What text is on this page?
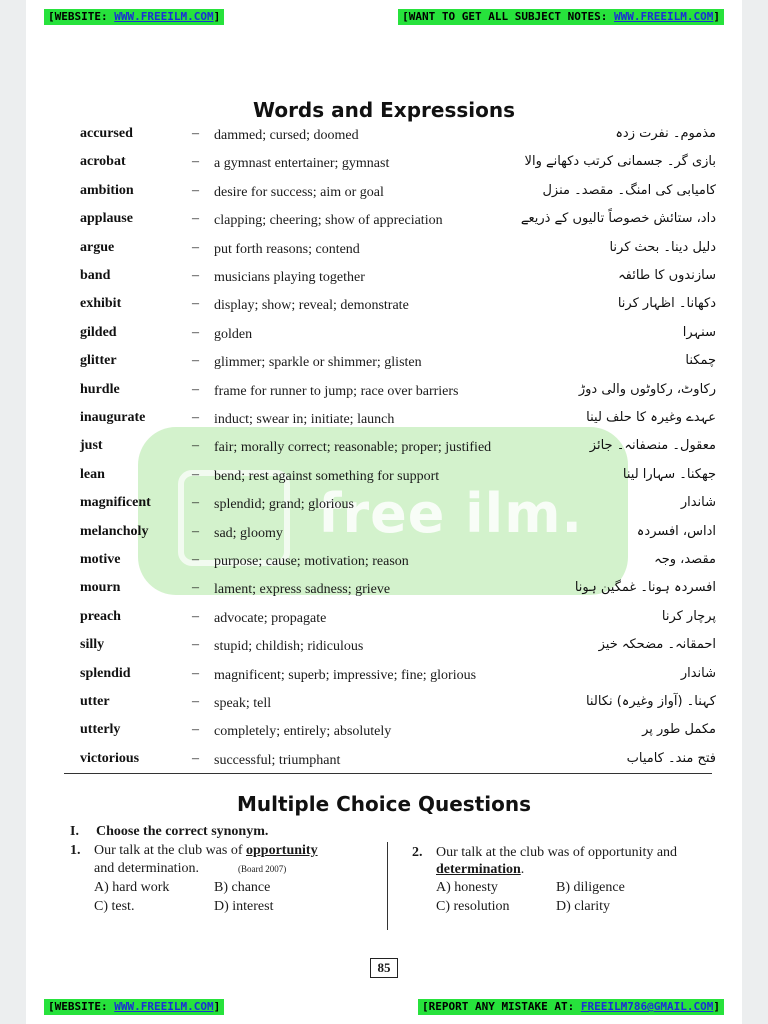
[WEBSITE: WWW.FREEILM.COM]	[WANT TO GET ALL SUBJECT NOTES: WWW.FREEILM.COM]
Words and Expressions
free ilm.
accursed	– dammed; cursed; doomed	مذموم۔ نفرت زدہ
acrobat	– a gymnast entertainer; gymnast	بازی گر۔ جسمانی کرتب دکھانے والا
ambition	– desire for success; aim or goal	کامیابی کی امنگ۔ مقصد۔ منزل
applause	– clapping; cheering; show of appreciation	داد، ستائش خصوصاً تالیوں کے ذریعے
argue	– put forth reasons; contend	دلیل دینا۔ بحث کرنا
band	– musicians playing together	سازندوں کا طائفہ
exhibit	– display; show; reveal; demonstrate	دکھانا۔ اظہار کرنا
gilded	– golden	سنہرا
glitter	– glimmer; sparkle or shimmer; glisten	چمکنا
hurdle	– frame for runner to jump; race over barriers	رکاوٹ، رکاوٹوں والی دوڑ
inaugurate	– induct; swear in; initiate; launch	عہدے وغیرہ کا حلف لینا
just	– fair; morally correct; reasonable; proper; justified	معقول۔ منصفانہ۔ جائز
lean	– bend; rest against something for support	جھکنا۔ سہارا لینا
magnificent	– splendid; grand; glorious	شاندار
melancholy	– sad; gloomy	اداس، افسردہ
motive	– purpose; cause; motivation; reason	مقصد، وجہ
mourn	– lament; express sadness; grieve	افسردہ ہونا۔ غمگین ہونا
preach	– advocate; propagate	پرچار کرنا
silly	– stupid; childish; ridiculous	احمقانہ۔ مضحکہ خیز
splendid	– magnificent; superb; impressive; fine; glorious	شاندار
utter	– speak; tell	کہنا۔ (آواز وغیرہ) نکالنا
utterly	– completely; entirely; absolutely	مکمل طور پر
victorious	– successful; triumphant	فتح مند۔ کامیاب
Multiple Choice Questions
I. Choose the correct synonym.
1. Our talk at the club was of opportunity
and determination.	(Board 2007)
A) hard work	B) chance
C) test.	D) interest
2. Our talk at the club was of opportunity and
determination.
A) honesty	B) diligence
C) resolution	D) clarity
85
[WEBSITE: WWW.FREEILM.COM]	[REPORT ANY MISTAKE AT: FREEILM786@GMAIL.COM]
